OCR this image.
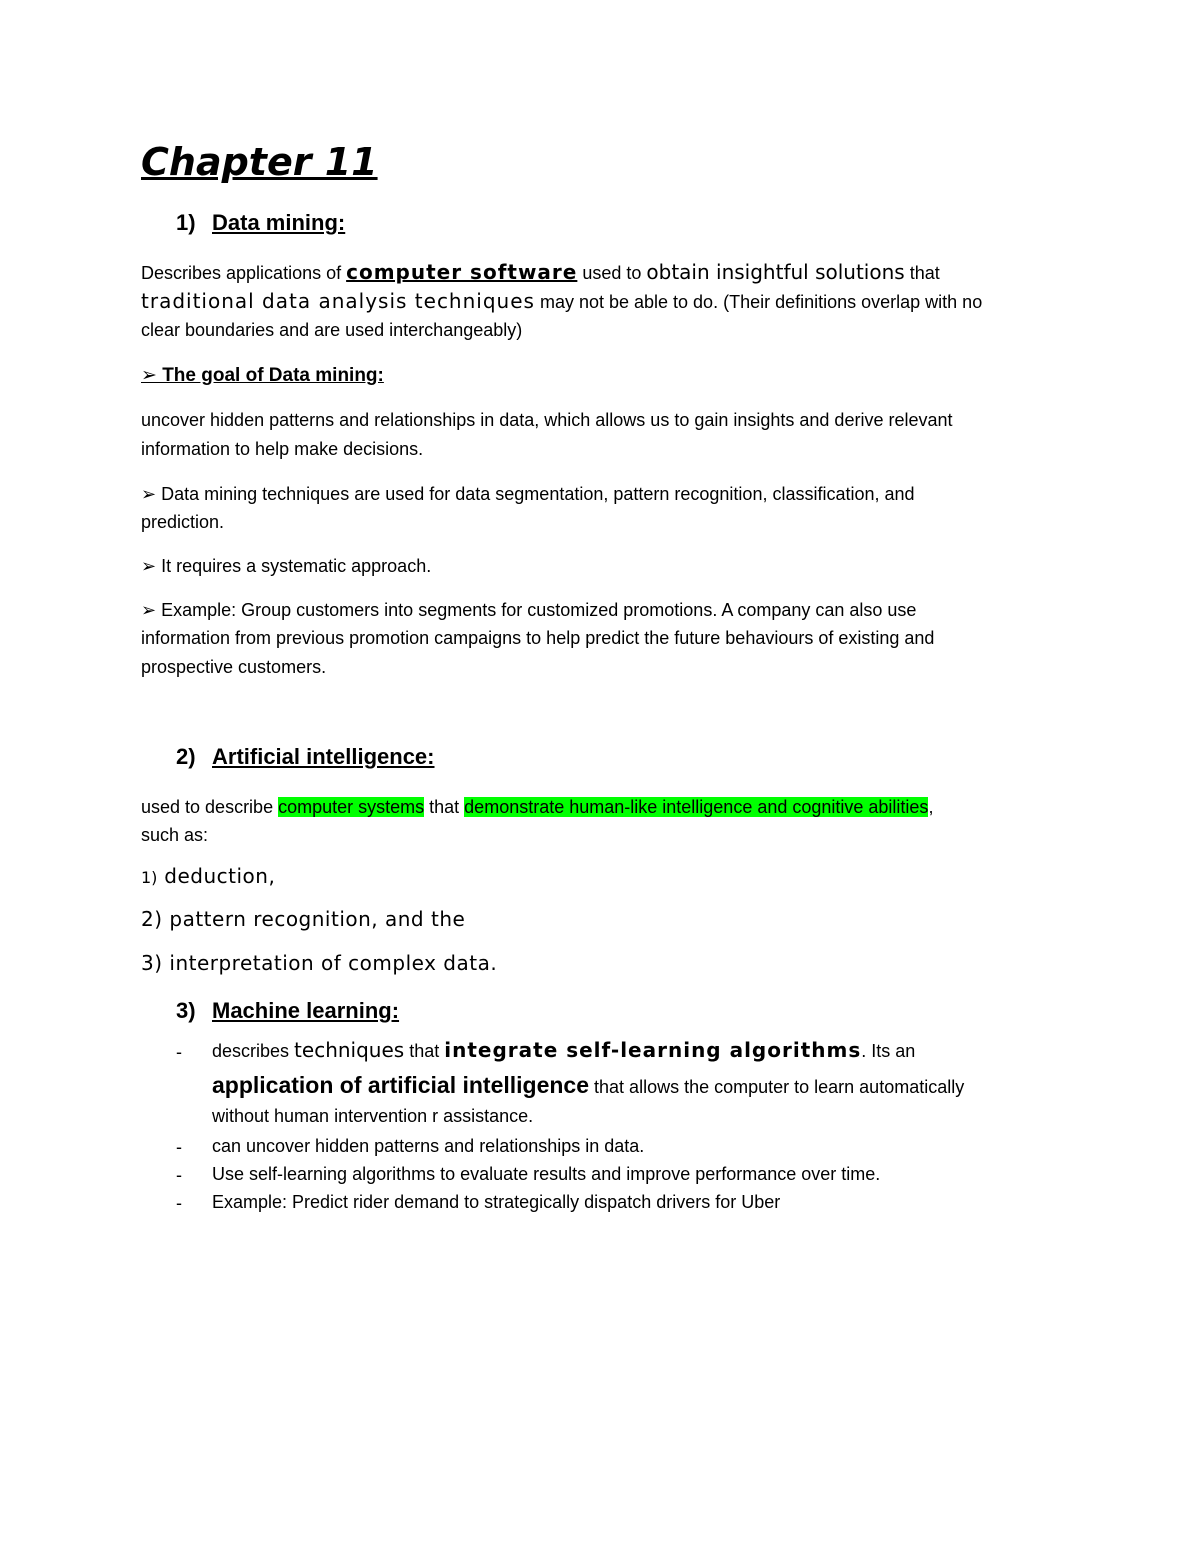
Chapter 11
1) Data mining:
Describes applications of computer software used to obtain insightful solutions that
traditional data analysis techniques may not be able to do. (Their definitions overlap with no
clear boundaries and are used interchangeably)
➢ The goal of Data mining:
uncover hidden patterns and relationships in data, which allows us to gain insights and derive relevant
information to help make decisions.
➢ Data mining techniques are used for data segmentation, pattern recognition, classification, and
prediction.
➢ It requires a systematic approach.
➢ Example: Group customers into segments for customized promotions. A company can also use
information from previous promotion campaigns to help predict the future behaviours of existing and
prospective customers.
2) Artificial intelligence:
used to describe computer systems that demonstrate human-like intelligence and cognitive abilities,
such as:
1) deduction,
2) pattern recognition, and the
3) interpretation of complex data.
3) Machine learning:
- describes techniques that integrate self-learning algorithms. Its an
application of artificial intelligence that allows the computer to learn automatically
without human intervention r assistance.
- can uncover hidden patterns and relationships in data.
- Use self-learning algorithms to evaluate results and improve performance over time.
- Example: Predict rider demand to strategically dispatch drivers for Uber
